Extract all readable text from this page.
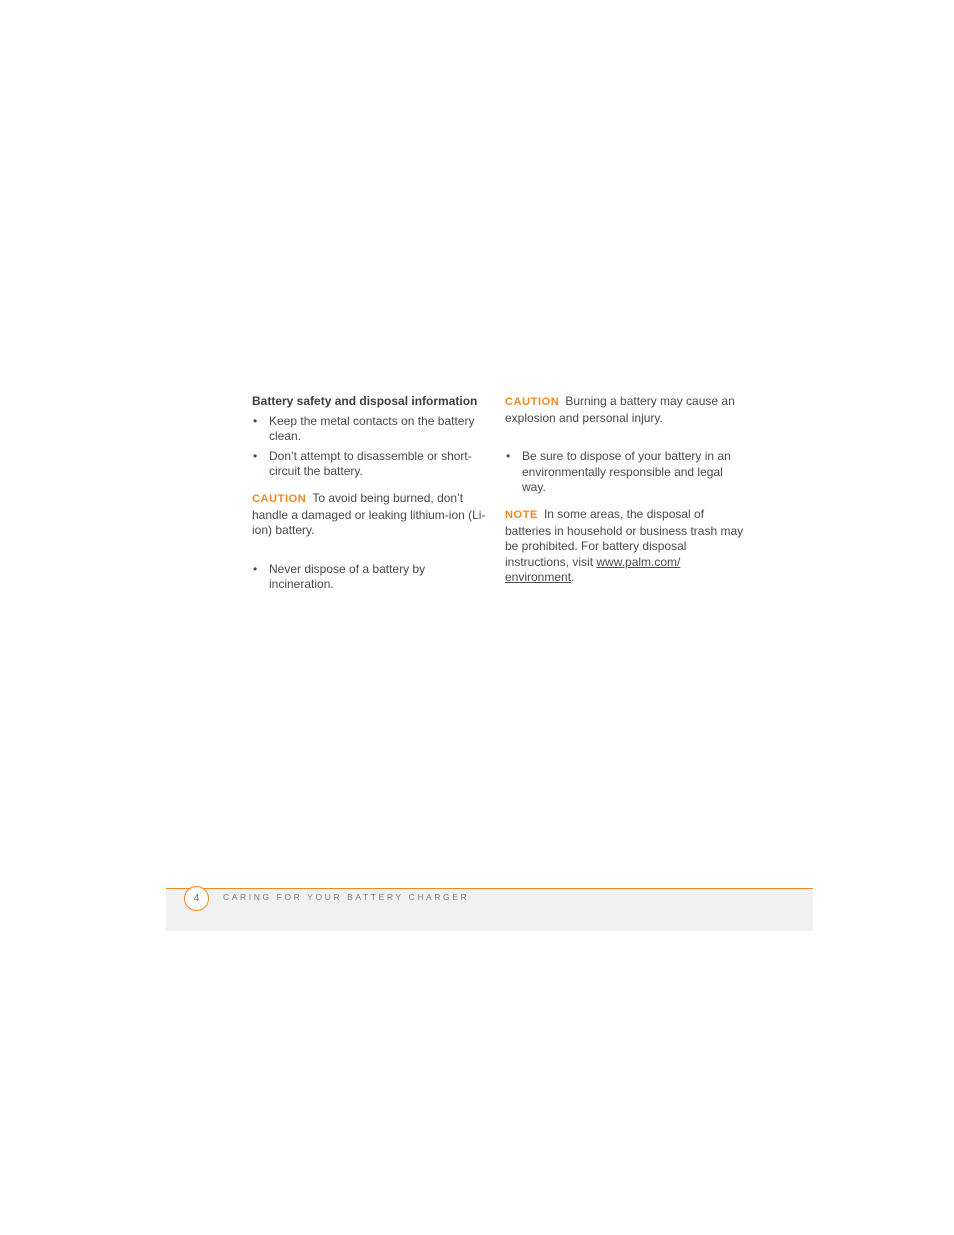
Battery safety and disposal information
• Keep the metal contacts on the battery clean.
• Don’t attempt to disassemble or short-circuit the battery.

CAUTION To avoid being burned, don’t handle a damaged or leaking lithium-ion (Li-ion) battery.

• Never dispose of a battery by incineration.

CAUTION Burning a battery may cause an explosion and personal injury.

• Be sure to dispose of your battery in an environmentally responsible and legal way.

NOTE In some areas, the disposal of batteries in household or business trash may be prohibited. For battery disposal instructions, visit www.palm.com/
environment.

4	CARING FOR YOUR BATTERY CHARGER
